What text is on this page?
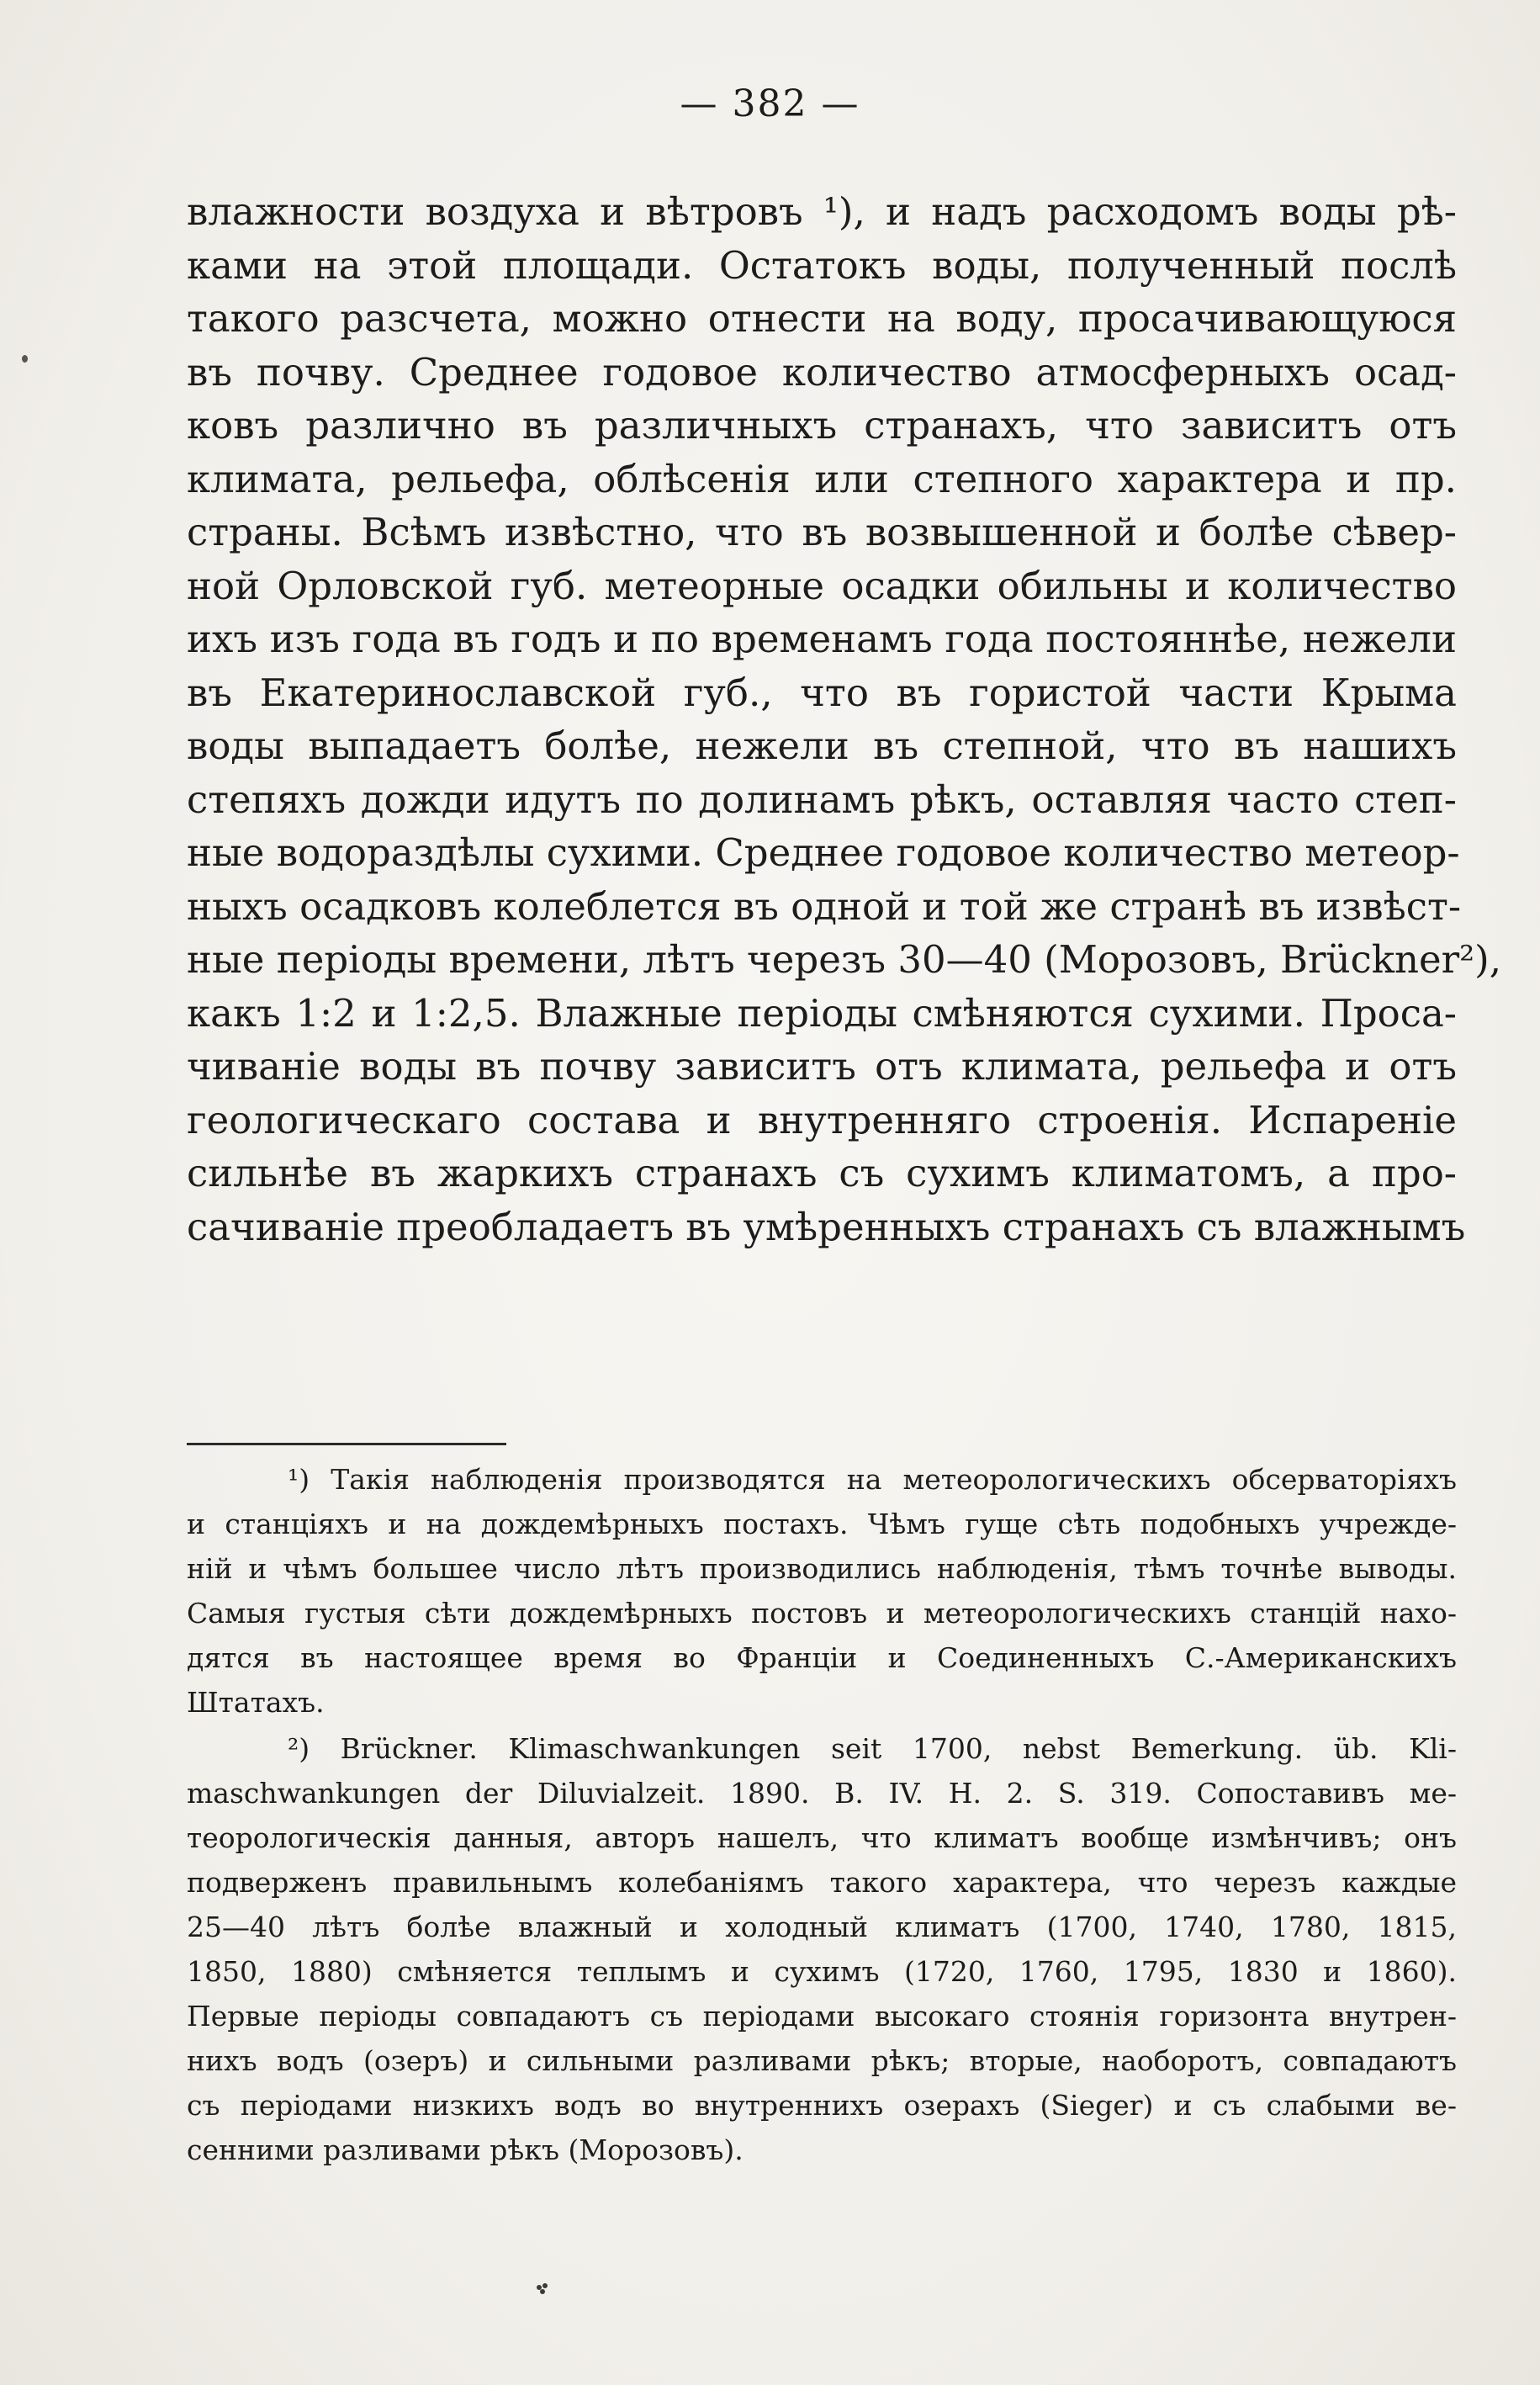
— 382 —
влажности воздуха и вѣтровъ ¹), и надъ расходомъ воды рѣ-
ками на этой площади. Остатокъ воды, полученный послѣ
такого разсчета, можно отнести на воду, просачивающуюся
въ почву. Среднее годовое количество атмосферныхъ осад-
ковъ различно въ различныхъ странахъ, что зависитъ отъ
климата, рельефа, облѣсенія или степного характера и пр.
страны. Всѣмъ извѣстно, что въ возвышенной и болѣе сѣвер-
ной Орловской губ. метеорные осадки обильны и количество
ихъ изъ года въ годъ и по временамъ года постояннѣе, нежели
въ Екатеринославской губ., что въ гористой части Крыма
воды выпадаетъ болѣе, нежели въ степной, что въ нашихъ
степяхъ дожди идутъ по долинамъ рѣкъ, оставляя часто степ-
ные водораздѣлы сухими. Среднее годовое количество метеор-
ныхъ осадковъ колеблется въ одной и той же странѣ въ извѣст-
ные періоды времени, лѣтъ черезъ 30—40 (Морозовъ, Brückner²),
какъ 1:2 и 1:2,5. Влажные періоды смѣняются сухими. Проса-
чиваніе воды въ почву зависитъ отъ климата, рельефа и отъ
геологическаго состава и внутренняго строенія. Испареніе
сильнѣе въ жаркихъ странахъ съ сухимъ климатомъ, а про-
сачиваніе преобладаетъ въ умѣренныхъ странахъ съ влажнымъ
¹) Такія наблюденія производятся на метеорологическихъ обсерваторіяхъ
и станціяхъ и на дождемѣрныхъ постахъ. Чѣмъ гуще сѣть подобныхъ учрежде-
ній и чѣмъ большее число лѣтъ производились наблюденія, тѣмъ точнѣе выводы.
Самыя густыя сѣти дождемѣрныхъ постовъ и метеорологическихъ станцій нахо-
дятся въ настоящее время во Франціи и Соединенныхъ С.-Американскихъ
Штатахъ.
²) Brückner. Klimaschwankungen seit 1700, nebst Bemerkung. üb. Kli-
maschwankungen der Diluvialzeit. 1890. B. IV. H. 2. S. 319. Сопоставивъ ме-
теорологическія данныя, авторъ нашелъ, что климатъ вообще измѣнчивъ; онъ
подверженъ правильнымъ колебаніямъ такого характера, что черезъ каждые
25—40 лѣтъ болѣе влажный и холодный климатъ (1700, 1740, 1780, 1815,
1850, 1880) смѣняется теплымъ и сухимъ (1720, 1760, 1795, 1830 и 1860).
Первые періоды совпадаютъ съ періодами высокаго стоянія горизонта внутрен-
нихъ водъ (озеръ) и сильными разливами рѣкъ; вторые, наоборотъ, совпадаютъ
съ періодами низкихъ водъ во внутреннихъ озерахъ (Sieger) и съ слабыми ве-
сенними разливами рѣкъ (Морозовъ).
